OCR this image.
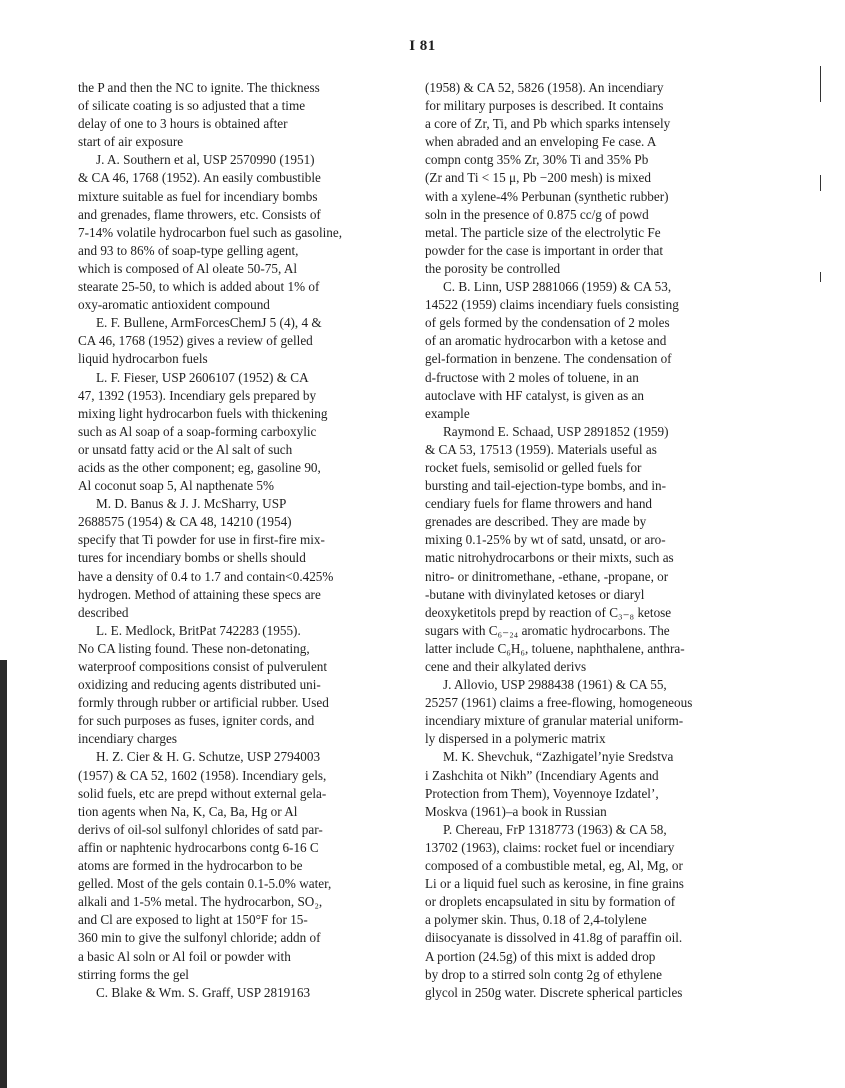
I 81
the P and then the NC to ignite. The thickness
of silicate coating is so adjusted that a time
delay of one to 3 hours is obtained after
start of air exposure
J. A. Southern et al, USP 2570990 (1951)
& CA 46, 1768 (1952). An easily combustible
mixture suitable as fuel for incendiary bombs
and grenades, flame throwers, etc. Consists of
7-14% volatile hydrocarbon fuel such as gasoline,
and 93 to 86% of soap-type gelling agent,
which is composed of Al oleate 50-75, Al
stearate 25-50, to which is added about 1% of
oxy-aromatic antioxident compound
E. F. Bullene, ArmForcesChemJ 5 (4), 4 &
CA 46, 1768 (1952) gives a review of gelled
liquid hydrocarbon fuels
L. F. Fieser, USP 2606107 (1952) & CA
47, 1392 (1953). Incendiary gels prepared by
mixing light hydrocarbon fuels with thickening
such as Al soap of a soap-forming carboxylic
or unsatd fatty acid or the Al salt of such
acids as the other component; eg, gasoline 90,
Al coconut soap 5, Al napthenate 5%
M. D. Banus & J. J. McSharry, USP
2688575 (1954) & CA 48, 14210 (1954)
specify that Ti powder for use in first-fire mix-
tures for incendiary bombs or shells should
have a density of 0.4 to 1.7 and contain<0.425%
hydrogen. Method of attaining these specs are
described
L. E. Medlock, BritPat 742283 (1955).
No CA listing found. These non-detonating,
waterproof compositions consist of pulverulent
oxidizing and reducing agents distributed uni-
formly through rubber or artificial rubber. Used
for such purposes as fuses, igniter cords, and
incendiary charges
H. Z. Cier & H. G. Schutze, USP 2794003
(1957) & CA 52, 1602 (1958). Incendiary gels,
solid fuels, etc are prepd without external gela-
tion agents when Na, K, Ca, Ba, Hg or Al
derivs of oil-sol sulfonyl chlorides of satd par-
affin or naphtenic hydrocarbons contg 6-16 C
atoms are formed in the hydrocarbon to be
gelled. Most of the gels contain 0.1-5.0% water,
alkali and 1-5% metal. The hydrocarbon, SO₂,
and Cl are exposed to light at 150°F for 15-
360 min to give the sulfonyl chloride; addn of
a basic Al soln or Al foil or powder with
stirring forms the gel
C. Blake & Wm. S. Graff, USP 2819163
(1958) & CA 52, 5826 (1958). An incendiary
for military purposes is described. It contains
a core of Zr, Ti, and Pb which sparks intensely
when abraded and an enveloping Fe case. A
compn contg 35% Zr, 30% Ti and 35% Pb
(Zr and Ti < 15 μ, Pb −200 mesh) is mixed
with a xylene-4% Perbunan (synthetic rubber)
soln in the presence of 0.875 cc/g of powd
metal. The particle size of the electrolytic Fe
powder for the case is important in order that
the porosity be controlled
C. B. Linn, USP 2881066 (1959) & CA 53,
14522 (1959) claims incendiary fuels consisting
of gels formed by the condensation of 2 moles
of an aromatic hydrocarbon with a ketose and
gel-formation in benzene. The condensation of
d-fructose with 2 moles of toluene, in an
autoclave with HF catalyst, is given as an
example
Raymond E. Schaad, USP 2891852 (1959)
& CA 53, 17513 (1959). Materials useful as
rocket fuels, semisolid or gelled fuels for
bursting and tail-ejection-type bombs, and in-
cendiary fuels for flame throwers and hand
grenades are described. They are made by
mixing 0.1-25% by wt of satd, unsatd, or aro-
matic nitrohydrocarbons or their mixts, such as
nitro- or dinitromethane, -ethane, -propane, or
-butane with divinylated ketoses or diaryl
deoxyketitols prepd by reaction of C₃₋₈ ketose
sugars with C₆₋₂₄ aromatic hydrocarbons. The
latter include C₆H₆, toluene, naphthalene, anthra-
cene and their alkylated derivs
J. Allovio, USP 2988438 (1961) & CA 55,
25257 (1961) claims a free-flowing, homogeneous
incendiary mixture of granular material uniform-
ly dispersed in a polymeric matrix
M. K. Shevchuk, “Zazhigatel’nyie Sredstva
i Zashchita ot Nikh” (Incendiary Agents and
Protection from Them), Voyennoye Izdatel’,
Moskva (1961)–a book in Russian
P. Chereau, FrP 1318773 (1963) & CA 58,
13702 (1963), claims: rocket fuel or incendiary
composed of a combustible metal, eg, Al, Mg, or
Li or a liquid fuel such as kerosine, in fine grains
or droplets encapsulated in situ by formation of
a polymer skin. Thus, 0.18 of 2,4-tolylene
diisocyanate is dissolved in 41.8g of paraffin oil.
A portion (24.5g) of this mixt is added drop
by drop to a stirred soln contg 2g of ethylene
glycol in 250g water. Discrete spherical particles
